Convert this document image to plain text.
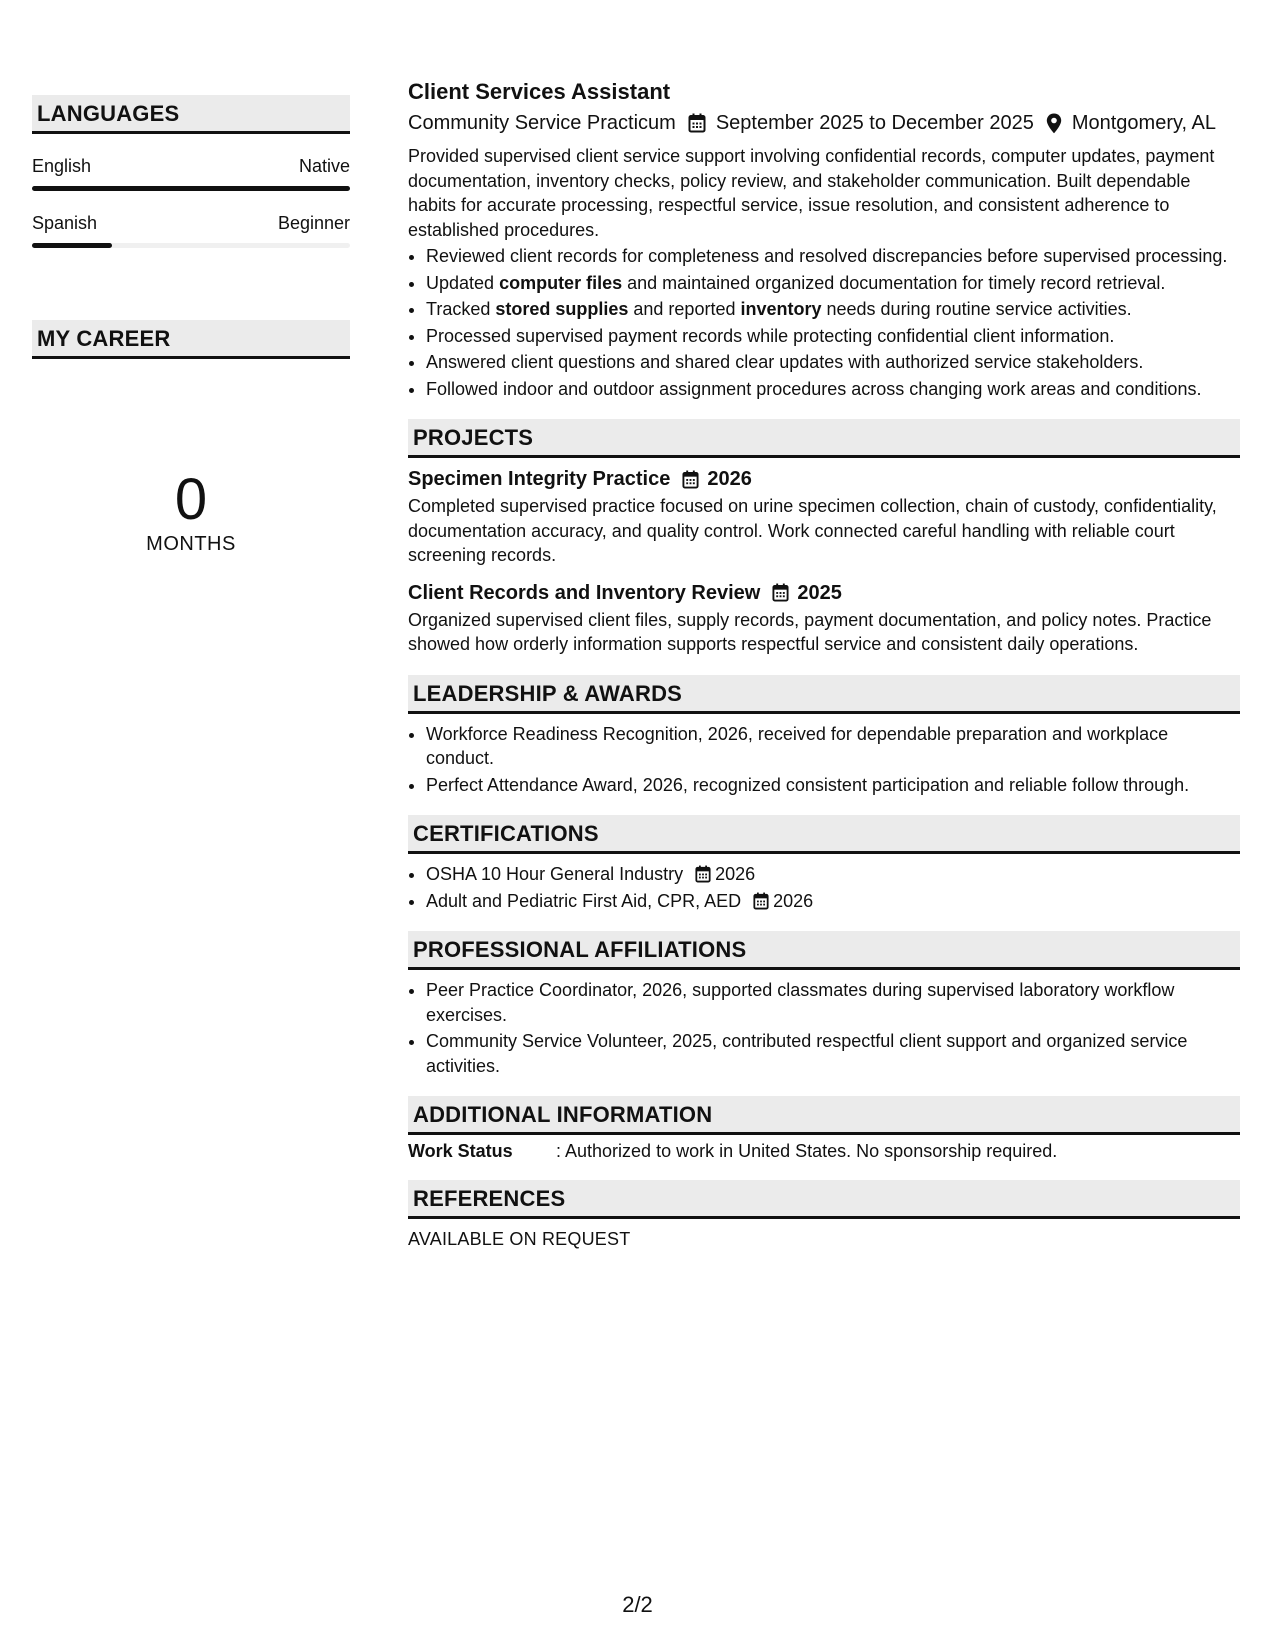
LANGUAGES
English	Native
Spanish	Beginner
MY CAREER
0
MONTHS
Client Services Assistant
Community Service Practicum September 2025 to December 2025 Montgomery, AL
Provided supervised client service support involving confidential records, computer updates, payment documentation, inventory checks, policy review, and stakeholder communication. Built dependable habits for accurate processing, respectful service, issue resolution, and consistent adherence to established procedures.
• Reviewed client records for completeness and resolved discrepancies before supervised processing.
• Updated computer files and maintained organized documentation for timely record retrieval.
• Tracked stored supplies and reported inventory needs during routine service activities.
• Processed supervised payment records while protecting confidential client information.
• Answered client questions and shared clear updates with authorized service stakeholders.
• Followed indoor and outdoor assignment procedures across changing work areas and conditions.
PROJECTS
Specimen Integrity Practice 2026
Completed supervised practice focused on urine specimen collection, chain of custody, confidentiality, documentation accuracy, and quality control. Work connected careful handling with reliable court screening records.
Client Records and Inventory Review 2025
Organized supervised client files, supply records, payment documentation, and policy notes. Practice showed how orderly information supports respectful service and consistent daily operations.
LEADERSHIP & AWARDS
• Workforce Readiness Recognition, 2026, received for dependable preparation and workplace conduct.
• Perfect Attendance Award, 2026, recognized consistent participation and reliable follow through.
CERTIFICATIONS
• OSHA 10 Hour General Industry 2026
• Adult and Pediatric First Aid, CPR, AED 2026
PROFESSIONAL AFFILIATIONS
• Peer Practice Coordinator, 2026, supported classmates during supervised laboratory workflow exercises.
• Community Service Volunteer, 2025, contributed respectful client support and organized service activities.
ADDITIONAL INFORMATION
Work Status	: Authorized to work in United States. No sponsorship required.
REFERENCES
AVAILABLE ON REQUEST
2/2
